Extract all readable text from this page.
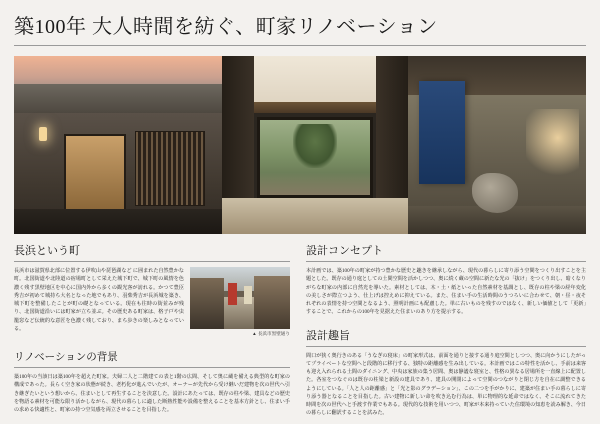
築100年 大人時間を紡ぐ、町家リノベーション
長浜という町
長浜市は滋賀県北部に位置する伊吹山や琵琶湖など に囲まれた自然豊かな町。北国街道や北陸道の宿場町として栄えた城下町で、城下町の風情を色濃く残す黒壁地区を中心に国内外から多くの観光客が訪れる。かつて豊臣秀吉が初めて城持ち大名となった地でもあり、羽柴秀吉が長浜城を築き、城下町を整備したことが町の礎となっている。現在も往時の街並みが残り、北国街道沿いには町家が立ち並ぶ。その歴史ある町家は、格子戸や虫籠窓など伝統的な意匠を色濃く残しており、まち歩きの楽しみとなっている。
▲ 長浜市黒壁通り
リノベーションの背景
築100年の当該日は築100年を超えた町家。夫婦二人と二階建ての表と1階の広間、そして奥に蔵を備える典型的な町家の構成であった。長らく空き家の状態が続き、老朽化が進んでいたが、オーナーが先代から受け継いだ建物を次の世代へ引き継ぎたいという想いから、住まいとして再生することを決意した。設計にあたっては、既存の柱や梁、建具などの歴史を物語る素材を可能な限り活かしながら、現代の暮らしに適した断熱性能や設備を整えることを基本方針とし、住まい手の求める快適性と、町家の持つ空気感を両立させることを目指した。
設計コンセプト
本計画では、築100年の町家が持つ豊かな歴史と趣きを継承しながら、現代の暮らしに寄り添う空間をつくり出すことを主題とした。既存の通り庭としての土間空間を活かしつつ、奥に続く蔵の空間に新たな光の「抜け」をつくり出し、暗くなりがちな町家の内部に自然光を導いた。素材としては、木・土・紙といった自然素材を基調とし、既存の柱や梁の経年変化の美しさが際立つよう、仕上げは控えめに抑えている。また、住まい手の生活時間のうつろいに合わせて、朝・昼・夜それぞれの表情を持つ空間となるよう、照明計画にも配慮した。単に古いものを残すのではなく、新しい価値として「更新」することで、これからの100年を見据えた住まいのあり方を提示する。
設計趣旨
間口が狭く奥行きのある「うなぎの寝床」の町家形式は、前面を通りと接する通り庭空間としつつ、奥に向かうにしたがってプライベートな空間へと段階的に移行する、独特の距離感を生み出している。本計画ではこの特性を活かし、手前は来客も迎え入れられる土間のダイニング、中央は家族の集う居間、奥は静謐な寝室と、性格の異なる居場所を一直線上に配置した。各室をつなぐのは既存の柱梁と新設の建具であり、建具の開閉によって空間のつながりと閉じ方を自在に調整できるようにしている。「人と人の距離感」と「光と影のグラデーション」、この二つを手がかりに、建築が住まい手の暮らしに寄り添う器となることを目指した。古い建物に新しい命を吹き込む行為は、単に物理的な延命ではなく、そこに流れてきた時間を次の世代へと手渡す作業でもある。現代的な技術を用いつつ、町家が本来持っていた住環境の知恵を読み解き、今日の暮らしに翻訳することを試みた。
